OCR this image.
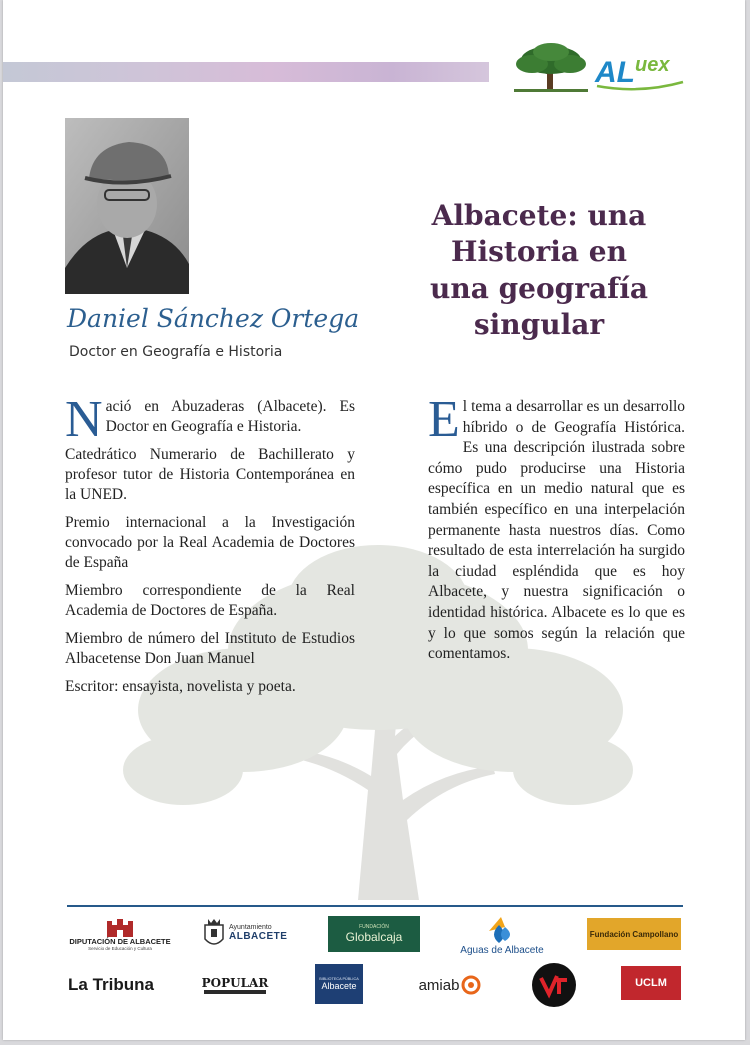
AL uex
Daniel Sánchez Ortega
Doctor en Geografía e Historia
Albacete: una
Historia en
una geografía
singular

Nació en Abuzaderas (Albacete). Es Doctor en Geografía e Historia.

Catedrático Numerario de Bachillerato y profesor tutor de Historia Contemporánea en la UNED.

Premio internacional a la Investigación convocado por la Real Academia de Doctores de España

Miembro correspondiente de la Real Academia de Doctores de España.

Miembro de número del Instituto de Estudios Albacetense Don Juan Manuel

Escritor: ensayista, novelista y poeta.

El tema a desarrollar es un desarrollo híbrido o de Geografía Histórica. Es una descripción ilustrada sobre cómo pudo producirse una Historia específica en un medio natural que es también específico en una interpelación permanente hasta nuestros días. Como resultado de esta interrelación ha surgido la ciudad espléndida que es hoy Albacete, y nuestra significación o identidad histórica. Albacete es lo que es y lo que somos según la relación que comentamos.

DIPUTACIÓN DE ALBACETE
Servicio de Educación y Cultura
Ayuntamiento
ALBACETE
FUNDACIÓN
Globalcaja
Aguas de Albacete
Fundación Campollano
La Tribuna	POPULAR	BIBLIOTECA PÚBLICA
Albacete	amiab	UCLM
